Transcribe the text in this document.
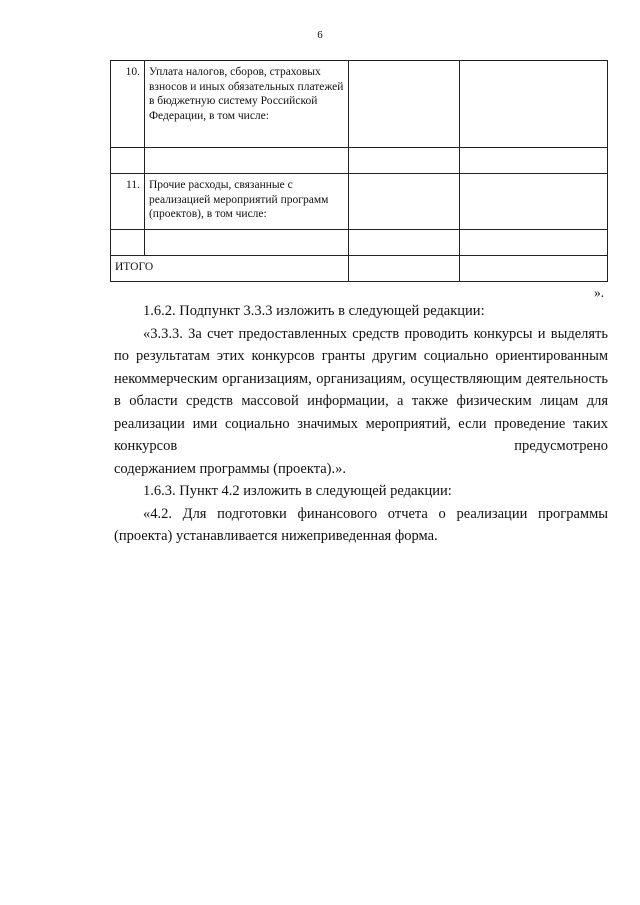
6
10.	Уплата налогов, сборов, страховых взносов и иных обязательных платежей в бюджетную систему Российской Федерации, в том числе:		

11.	Прочие расходы, связанные с реализацией мероприятий программ (проектов), в том числе:		

ИТОГО			
».

1.6.2. Подпункт 3.3.3 изложить в следующей редакции:

«3.3.3. За счет предоставленных средств проводить конкурсы и выделять по результатам этих конкурсов гранты другим социально ориентированным некоммерческим организациям, организациям, осуществляющим деятельность в области средств массовой информации, а также физическим лицам для реализации ими социально значимых мероприятий, если проведение таких конкурсов предусмотрено

содержанием программы (проекта).».

1.6.3. Пункт 4.2 изложить в следующей редакции:

«4.2. Для подготовки финансового отчета о реализации программы (проекта) устанавливается нижеприведенная форма.
